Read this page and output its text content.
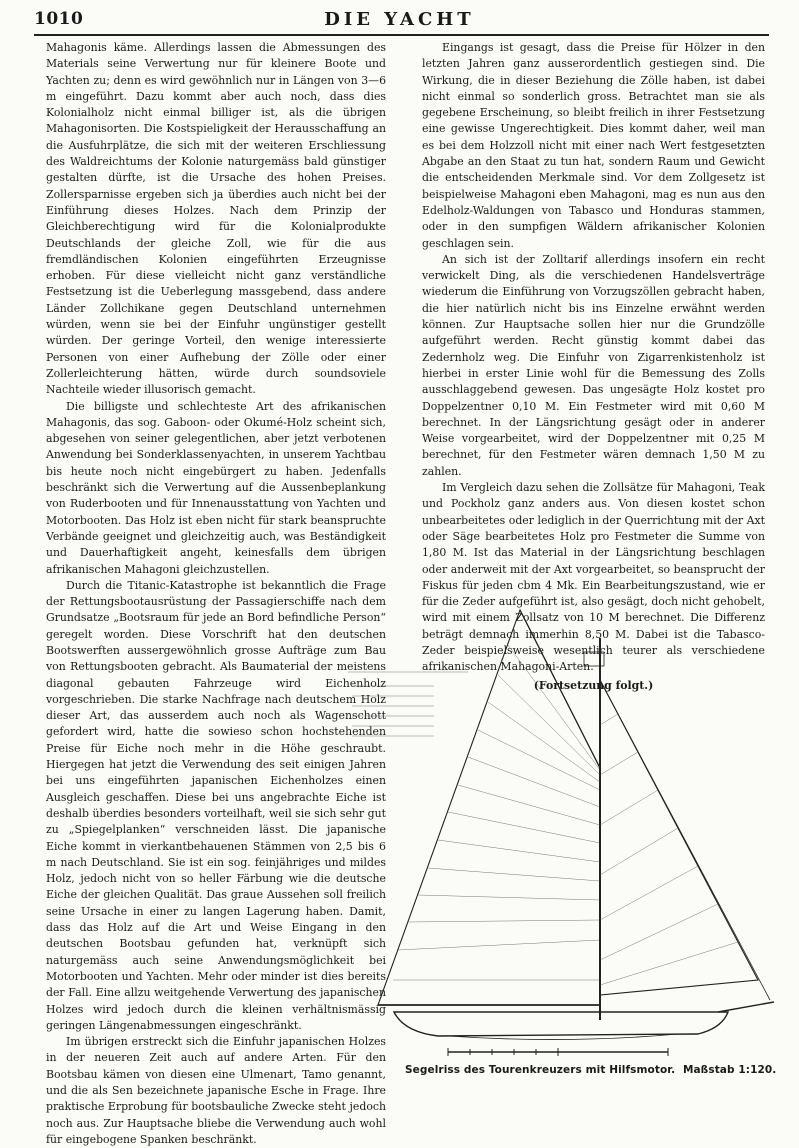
1010	DIE YACHT

Mahagonis käme. Allerdings lassen die Abmessungen des Materials seine Verwertung nur für kleinere Boote und Yachten zu; denn es wird gewöhnlich nur in Längen von 3—6 m eingeführt. Dazu kommt aber auch noch, dass dies Kolonialholz nicht einmal billiger ist, als die übrigen Mahagonisorten. Die Kostspieligkeit der Herausschaffung an die Ausfuhrplätze, die sich mit der weiteren Erschliessung des Waldreichtums der Kolonie naturgemäss bald günstiger gestalten dürfte, ist die Ursache des hohen Preises. Zollersparnisse ergeben sich ja überdies auch nicht bei der Einführung dieses Holzes. Nach dem Prinzip der Gleichberechtigung wird für die Kolonialprodukte Deutschlands der gleiche Zoll, wie für die aus fremdländischen Kolonien eingeführten Erzeugnisse erhoben. Für diese vielleicht nicht ganz verständliche Festsetzung ist die Ueberlegung massgebend, dass andere Länder Zollchikane gegen Deutschland unternehmen würden, wenn sie bei der Einfuhr ungünstiger gestellt würden. Der geringe Vorteil, den wenige interessierte Personen von einer Aufhebung der Zölle oder einer Zollerleichterung hätten, würde durch soundsoviele Nachteile wieder illusorisch gemacht.

Die billigste und schlechteste Art des afrikanischen Mahagonis, das sog. Gaboon- oder Okumé-Holz scheint sich, abgesehen von seiner gelegentlichen, aber jetzt verbotenen Anwendung bei Sonderklassenyachten, in unserem Yachtbau bis heute noch nicht eingebürgert zu haben. Jedenfalls beschränkt sich die Verwertung auf die Aussenbeplankung von Ruderbooten und für Innenausstattung von Yachten und Motorbooten. Das Holz ist eben nicht für stark beanspruchte Verbände geeignet und gleichzeitig auch, was Beständigkeit und Dauerhaftigkeit angeht, keinesfalls dem übrigen afrikanischen Mahagoni gleichzustellen.

Durch die Titanic-Katastrophe ist bekanntlich die Frage der Rettungsbootausrüstung der Passagierschiffe nach dem Grundsatze „Bootsraum für jede an Bord befindliche Person“ geregelt worden. Diese Vorschrift hat den deutschen Bootswerften aussergewöhnlich grosse Aufträge zum Bau von Rettungsbooten gebracht. Als Baumaterial der meistens diagonal gebauten Fahrzeuge wird Eichenholz vorgeschrieben. Die starke Nachfrage nach deutschem Holz dieser Art, das ausserdem auch noch als Wagenschott gefordert wird, hatte die sowieso schon hochstehenden Preise für Eiche noch mehr in die Höhe geschraubt. Hiergegen hat jetzt die Verwendung des seit einigen Jahren bei uns eingeführten japanischen Eichenholzes einen Ausgleich geschaffen. Diese bei uns angebrachte Eiche ist deshalb überdies besonders vorteilhaft, weil sie sich sehr gut zu „Spiegelplanken“ verschneiden lässt. Die japanische Eiche kommt in vierkantbehauenen Stämmen von 2,5 bis 6 m nach Deutschland. Sie ist ein sog. feinjähriges und mildes Holz, jedoch nicht von so heller Färbung wie die deutsche Eiche der gleichen Qualität. Das graue Aussehen soll freilich seine Ursache in einer zu langen Lagerung haben. Damit, dass das Holz auf die Art und Weise Eingang in den deutschen Bootsbau gefunden hat, verknüpft sich naturgemäss auch seine Anwendungsmöglichkeit bei Motorbooten und Yachten. Mehr oder minder ist dies bereits der Fall. Eine allzu weitgehende Verwertung des japanischen Holzes wird jedoch durch die kleinen verhältnismässig geringen Längenabmessungen eingeschränkt.

Im übrigen erstreckt sich die Einfuhr japanischen Holzes in der neueren Zeit auch auf andere Arten. Für den Bootsbau kämen von diesen eine Ulmenart, Tamo genannt, und die als Sen bezeichnete japanische Esche in Frage. Ihre praktische Erprobung für bootsbauliche Zwecke steht jedoch noch aus. Zur Hauptsache bliebe die Verwendung auch wohl für eingebogene Spanken beschränkt.

Eingangs ist gesagt, dass die Preise für Hölzer in den letzten Jahren ganz ausserordentlich gestiegen sind. Die Wirkung, die in dieser Beziehung die Zölle haben, ist dabei nicht einmal so sonderlich gross. Betrachtet man sie als gegebene Erscheinung, so bleibt freilich in ihrer Festsetzung eine gewisse Ungerechtigkeit. Dies kommt daher, weil man es bei dem Holzzoll nicht mit einer nach Wert festgesetzten Abgabe an den Staat zu tun hat, sondern Raum und Gewicht die entscheidenden Merkmale sind. Vor dem Zollgesetz ist beispielweise Mahagoni eben Mahagoni, mag es nun aus den Edelholz-Waldungen von Tabasco und Honduras stammen, oder in den sumpfigen Wäldern afrikanischer Kolonien geschlagen sein.

An sich ist der Zolltarif allerdings insofern ein recht verwickelt Ding, als die verschiedenen Handelsverträge wiederum die Einführung von Vorzugszöllen gebracht haben, die hier natürlich nicht bis ins Einzelne erwähnt werden können. Zur Hauptsache sollen hier nur die Grundzölle aufgeführt werden. Recht günstig kommt dabei das Zedernholz weg. Die Einfuhr von Zigarrenkistenholz ist hierbei in erster Linie wohl für die Bemessung des Zolls ausschlaggebend gewesen. Das ungesägte Holz kostet pro Doppelzentner 0,10 M. Ein Festmeter wird mit 0,60 M berechnet. In der Längsrichtung gesägt oder in anderer Weise vorgearbeitet, wird der Doppelzentner mit 0,25 M berechnet, für den Festmeter wären demnach 1,50 M zu zahlen.

Im Vergleich dazu sehen die Zollsätze für Mahagoni, Teak und Pockholz ganz anders aus. Von diesen kostet schon unbearbeitetes oder lediglich in der Querrichtung mit der Axt oder Säge bearbeitetes Holz pro Festmeter die Summe von 1,80 M. Ist das Material in der Längsrichtung beschlagen oder anderweit mit der Axt vorgearbeitet, so beansprucht der Fiskus für jeden cbm 4 Mk. Ein Bearbeitungszustand, wie er für die Zeder aufgeführt ist, also gesägt, doch nicht gehobelt, wird mit einem Zollsatz von 10 M berechnet. Die Differenz beträgt demnach immerhin 8,50 M. Dabei ist die Tabasco-Zeder beispielsweise wesentlich teurer als verschiedene afrikanischen Mahagoni-Arten.

(Fortsetzung folgt.)

Segelriss des Tourenkreuzers mit Hilfsmotor. Maßstab 1:120.
